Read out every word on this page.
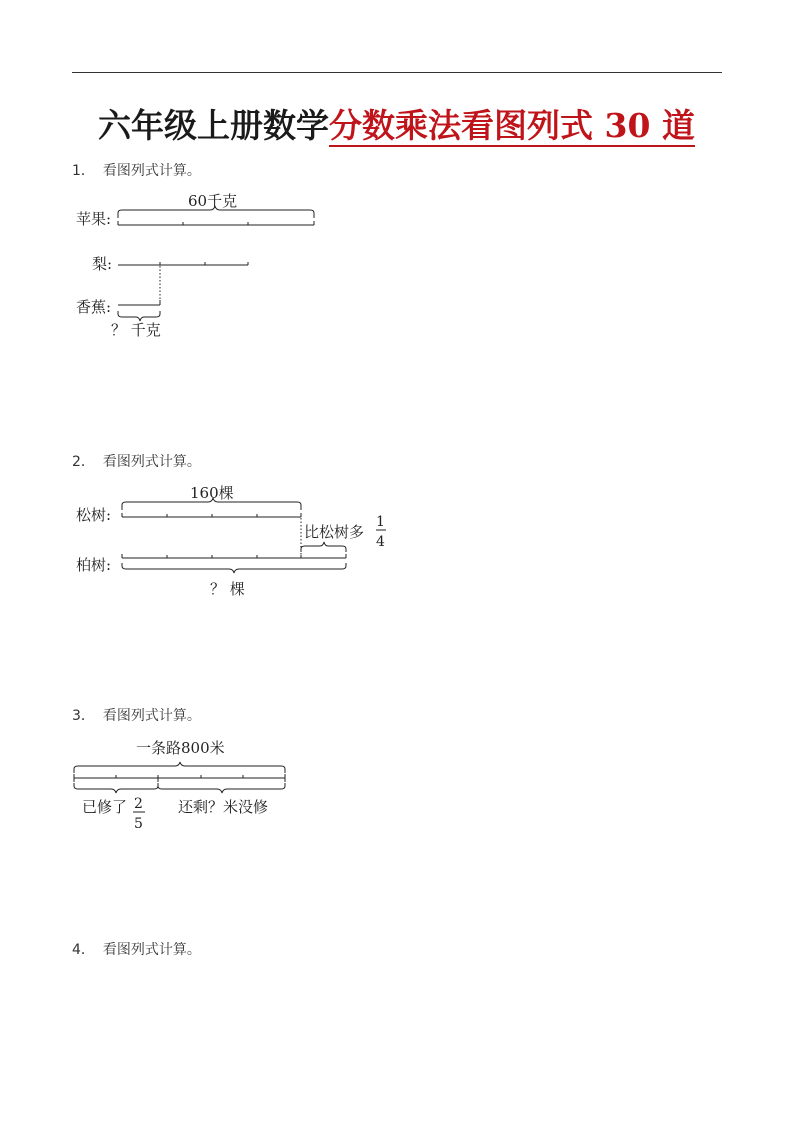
六年级上册数学分数乘法看图列式 30 道
1． 看图列式计算。
2． 看图列式计算。
3． 看图列式计算。
4． 看图列式计算。
苹果:
梨:
香蕉:
60千克
？ 千克
松树:
柏树:
160棵
比松树多
1
4
？ 棵
一条路800米
已修了 2
5
还剩？米没修
